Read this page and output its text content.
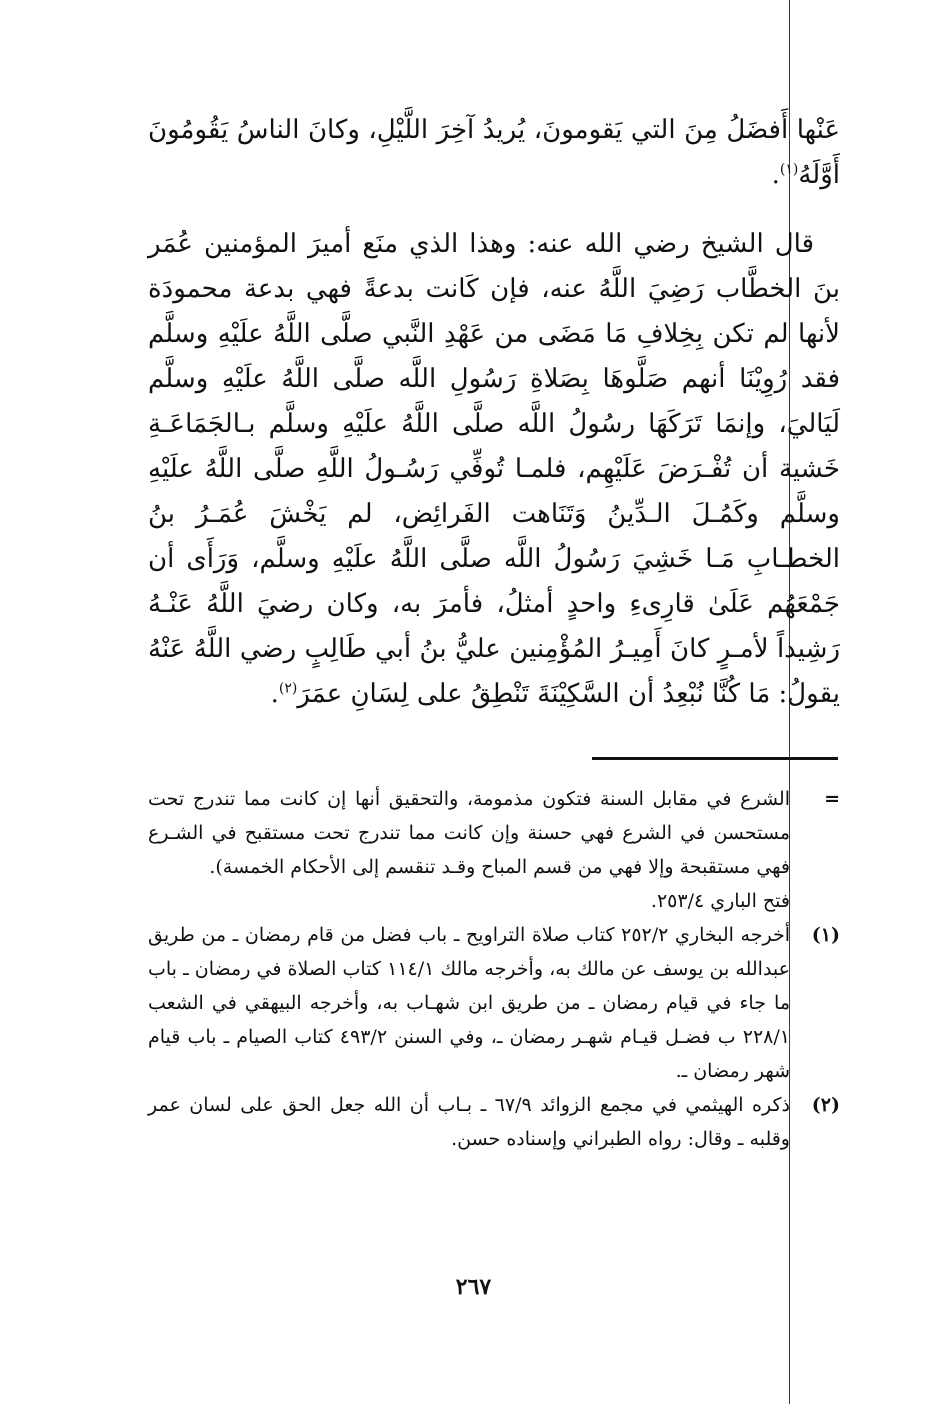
عَنْها أَفضَلُ مِنَ التي يَقومونَ، يُريدُ آخِرَ اللَّيْلِ، وكانَ الناسُ يَقُومُونَ أَوَّلَهُ$^{(١)}$.

قال الشيخ رضي الله عنه: وهذا الذي منَع أميرَ المؤمنين عُمَر بنَ الخطَّاب رَضِيَ اللَّهُ عنه، فإن كَانت بدعةً فهي بدعة محمودَة لأنها لم تكن بِخِلافِ مَا مَضَى من عَهْدِ النَّبي صلَّى اللَّهُ علَيْهِ وسلَّم فقد رُوِيْنَا أنهم صَلَّوهَا بِصَلاةِ رَسُولِ اللَّه صلَّى اللَّهُ علَيْهِ وسلَّم لَيَاليَ، وإنمَا تَرَكَهَا رسُولُ اللَّه صلَّى اللَّهُ علَيْهِ وسلَّم بـالجَمَاعَـةِ خَشية أن تُفْـرَضَ عَلَيْهِم، فلمـا تُوفِّي رَسُـولُ اللَّهِ صلَّى اللَّهُ علَيْهِ وسلَّم وكَمُـلَ الـدِّينُ وَتَنَاهت الفَرائِض، لم يَخْشَ عُمَـرُ بنُ الخطـابِ مَـا خَشِيَ رَسُولُ اللَّه صلَّى اللَّهُ علَيْهِ وسلَّم، وَرَأَى أن جَمْعَهُم عَلَىٰ قارِىءِ واحدٍ أمثلُ، فأمرَ به، وكان رضيَ اللَّهُ عَنْـهُ رَشِيداً لأمـرٍ كانَ أَمِيـرُ المُؤْمِنين عليُّ بنُ أبي طَالِبٍ رضي اللَّهُ عَنْهُ يقولُ: مَا كُنَّا نُبْعِدُ أن السَّكِيْنَةَ تَنْطِقُ على لِسَانِ عمَرَ$^{(٢)}$.

=
الشرع في مقابل السنة فتكون مذمومة، والتحقيق أنها إن كانت مما تندرج تحت مستحسن في الشرع فهي حسنة وإن كانت مما تندرج تحت مستقبح في الشـرع فهي مستقبحة وإلا فهي من قسم المباح وقـد تنقسم إلى الأحكام الخمسة).
فتح الباري ٢٥٣/٤.
(١)
أخرجه البخاري ٢٥٢/٢ كتاب صلاة التراويح ـ باب فضل من قام رمضان ـ من طريق عبدالله بن يوسف عن مالك به، وأخرجه مالك ١١٤/١ كتاب الصلاة في رمضان ـ باب ما جاء في قيام رمضان ـ من طريق ابن شهـاب به، وأخرجه البيهقي في الشعب ٢٢٨/١ ب فضـل قيـام شهـر رمضان ـ، وفي السنن ٤٩٣/٢ كتاب الصيام ـ باب قيام شهر رمضان ـ.
(٢)
ذكره الهيثمي في مجمع الزوائد ٦٧/٩ ـ بـاب أن الله جعل الحق على لسان عمر وقلبه ـ وقال: رواه الطبراني وإسناده حسن.
٢٦٧
